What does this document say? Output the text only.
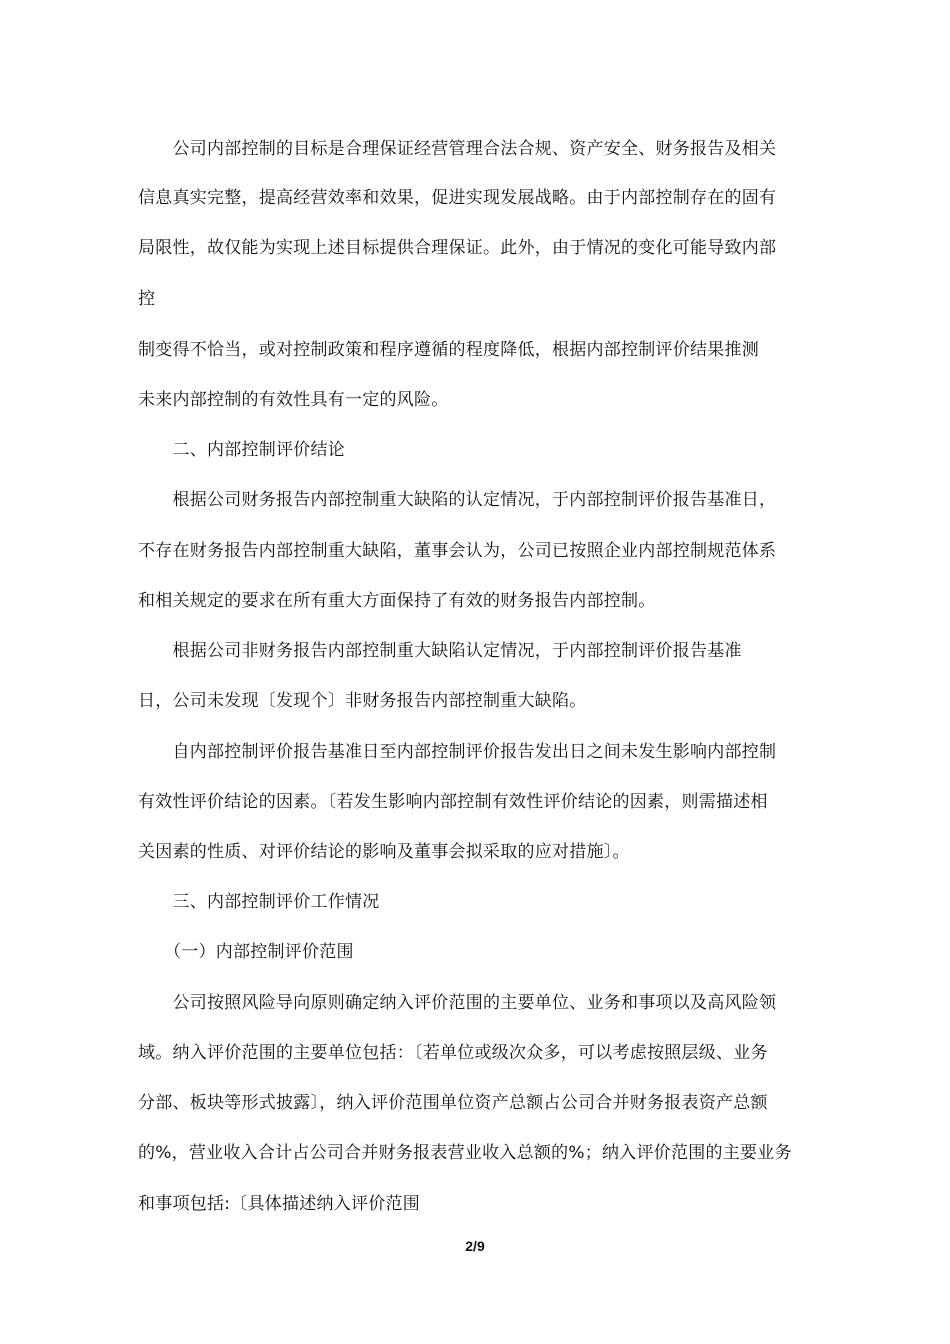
　　公司内部控制的目标是合理保证经营管理合法合规、资产安全、财务报告及相关
信息真实完整，提高经营效率和效果，促进实现发展战略。由于内部控制存在的固有
局限性，故仅能为实现上述目标提供合理保证。此外，由于情况的变化可能导致内部
控
制变得不恰当，或对控制政策和程序遵循的程度降低，根据内部控制评价结果推测
未来内部控制的有效性具有一定的风险。
　　二、内部控制评价结论
　　根据公司财务报告内部控制重大缺陷的认定情况，于内部控制评价报告基准日，
不存在财务报告内部控制重大缺陷，董事会认为，公司已按照企业内部控制规范体系
和相关规定的要求在所有重大方面保持了有效的财务报告内部控制。
　　根据公司非财务报告内部控制重大缺陷认定情况，于内部控制评价报告基准
日，公司未发现〔发现个〕非财务报告内部控制重大缺陷。
　　自内部控制评价报告基准日至内部控制评价报告发出日之间未发生影响内部控制
有效性评价结论的因素。〔若发生影响内部控制有效性评价结论的因素，则需描述相
关因素的性质、对评价结论的影响及董事会拟采取的应对措施〕。
　　三、内部控制评价工作情况
　　（一）内部控制评价范围
　　公司按照风险导向原则确定纳入评价范围的主要单位、业务和事项以及高风险领
域。纳入评价范围的主要单位包括：〔若单位或级次众多，可以考虑按照层级、业务
分部、板块等形式披露〕，纳入评价范围单位资产总额占公司合并财务报表资产总额
的%，营业收入合计占公司合并财务报表营业收入总额的%；纳入评价范围的主要业务
和事项包括:〔具体描述纳入评价范围
2/9
